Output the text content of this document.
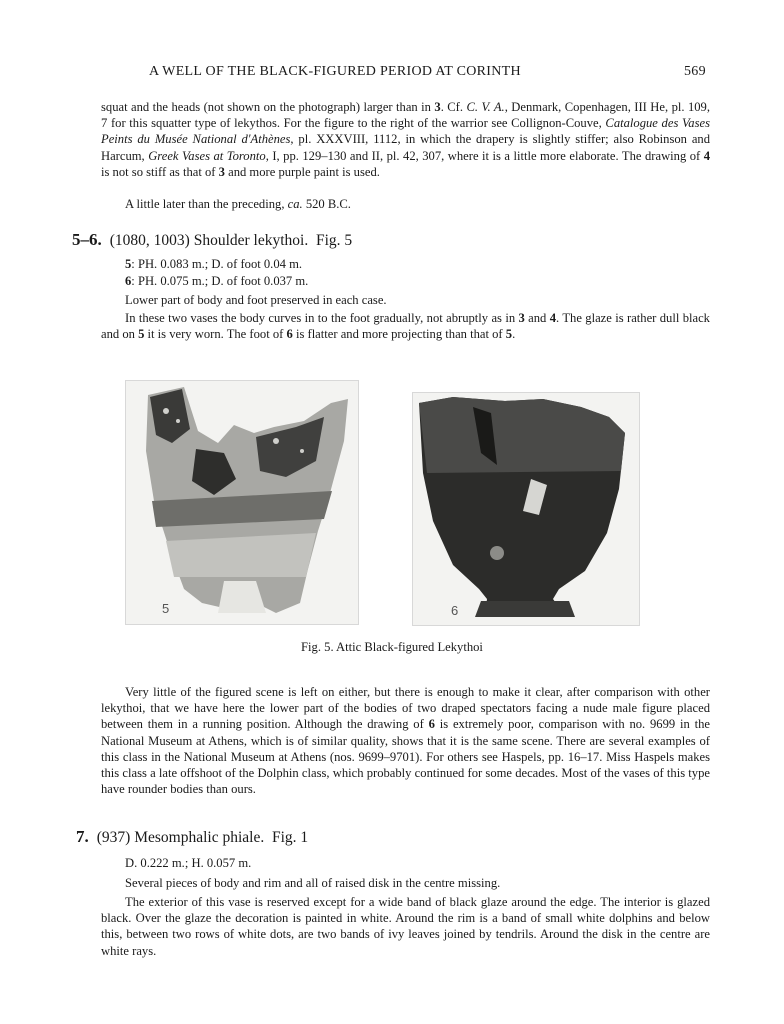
A WELL OF THE BLACK-FIGURED PERIOD AT CORINTH	569
squat and the heads (not shown on the photograph) larger than in 3. Cf. C. V. A., Denmark, Copenhagen, III He, pl. 109, 7 for this squatter type of lekythos. For the figure to the right of the warrior see Collignon-Couve, Catalogue des Vases Peints du Musée National d'Athènes, pl. XXXVIII, 1112, in which the drapery is slightly stiffer; also Robinson and Harcum, Greek Vases at Toronto, I, pp. 129–130 and II, pl. 42, 307, where it is a little more elaborate. The drawing of 4 is not so stiff as that of 3 and more purple paint is used.
A little later than the preceding, ca. 520 B.C.
5–6. (1080, 1003) Shoulder lekythoi. Fig. 5
5: PH. 0.083 m.; D. of foot 0.04 m.
6: PH. 0.075 m.; D. of foot 0.037 m.
Lower part of body and foot preserved in each case.
In these two vases the body curves in to the foot gradually, not abruptly as in 3 and 4. The glaze is rather dull black and on 5 it is very worn. The foot of 6 is flatter and more projecting than that of 5.
5	6
Fig. 5. Attic Black-figured Lekythoi
Very little of the figured scene is left on either, but there is enough to make it clear, after comparison with other lekythoi, that we have here the lower part of the bodies of two draped spectators facing a nude male figure placed between them in a running position. Although the drawing of 6 is extremely poor, comparison with no. 9699 in the National Museum at Athens, which is of similar quality, shows that it is the same scene. There are several examples of this class in the National Museum at Athens (nos. 9699–9701). For others see Haspels, pp. 16–17. Miss Haspels makes this class a late offshoot of the Dolphin class, which probably continued for some decades. Most of the vases of this type have rounder bodies than ours.
7. (937) Mesomphalic phiale. Fig. 1
D. 0.222 m.; H. 0.057 m.
Several pieces of body and rim and all of raised disk in the centre missing.
The exterior of this vase is reserved except for a wide band of black glaze around the edge. The interior is glazed black. Over the glaze the decoration is painted in white. Around the rim is a band of small white dolphins and below this, between two rows of white dots, are two bands of ivy leaves joined by tendrils. Around the disk in the centre are white rays.
